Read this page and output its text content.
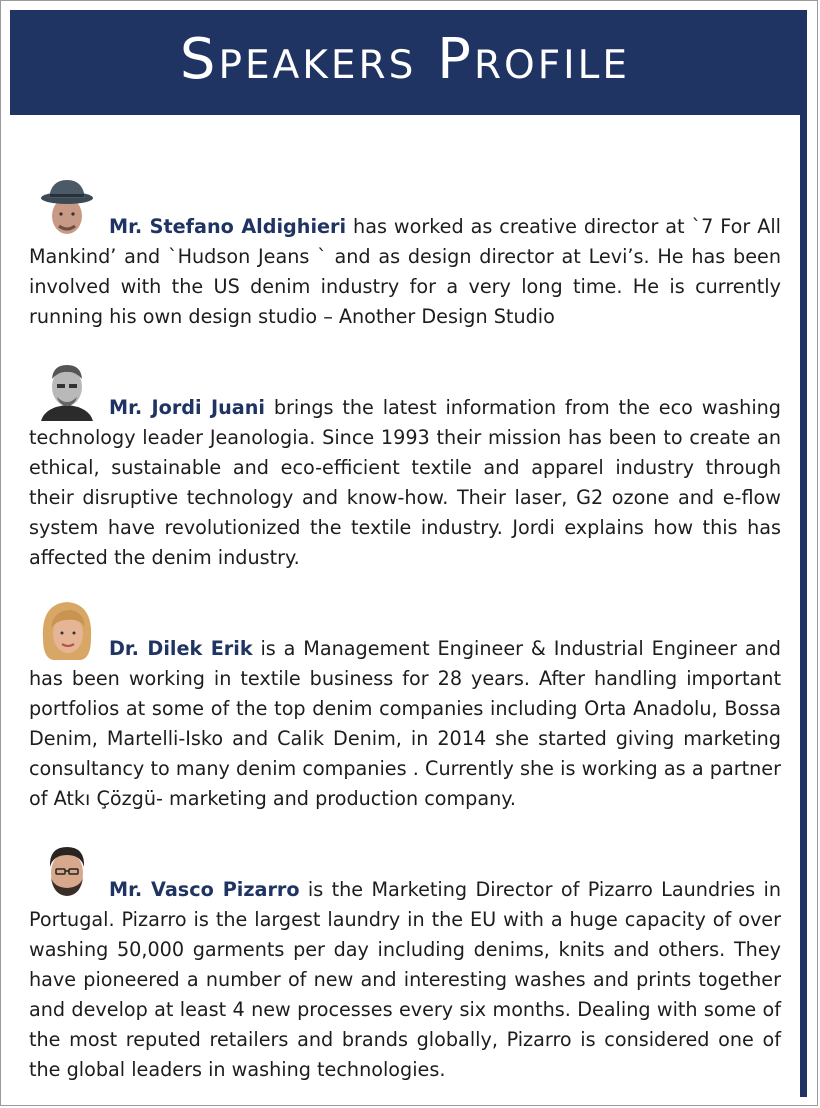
Speakers Profile
Mr. Stefano Aldighieri has worked as creative director at `7 For All Mankind’ and `Hudson Jeans ` and as design director at Levi’s. He has been involved with the US denim industry for a very long time. He is currently running his own design studio – Another Design Studio
Mr. Jordi Juani brings the latest information from the eco washing technology leader Jeanologia. Since 1993 their mission has been to create an ethical, sustainable and eco-efficient textile and apparel industry through their disruptive technology and know-how. Their laser, G2 ozone and e-flow system have revolutionized the textile industry. Jordi explains how this has affected the denim industry.
Dr. Dilek Erik is a Management Engineer & Industrial Engineer and has been working in textile business for 28 years. After handling important portfolios at some of the top denim companies including Orta Anadolu, Bossa Denim, Martelli-Isko and Calik Denim, in 2014 she started giving marketing consultancy to many denim companies . Currently she is working as a partner of Atkı Çözgü- marketing and production company.
Mr. Vasco Pizarro is the Marketing Director of Pizarro Laundries in Portugal. Pizarro is the largest laundry in the EU with a huge capacity of over washing 50,000 garments per day including denims, knits and others. They have pioneered a number of new and interesting washes and prints together and develop at least 4 new processes every six months. Dealing with some of the most reputed retailers and brands globally, Pizarro is considered one of the global leaders in washing technologies.
